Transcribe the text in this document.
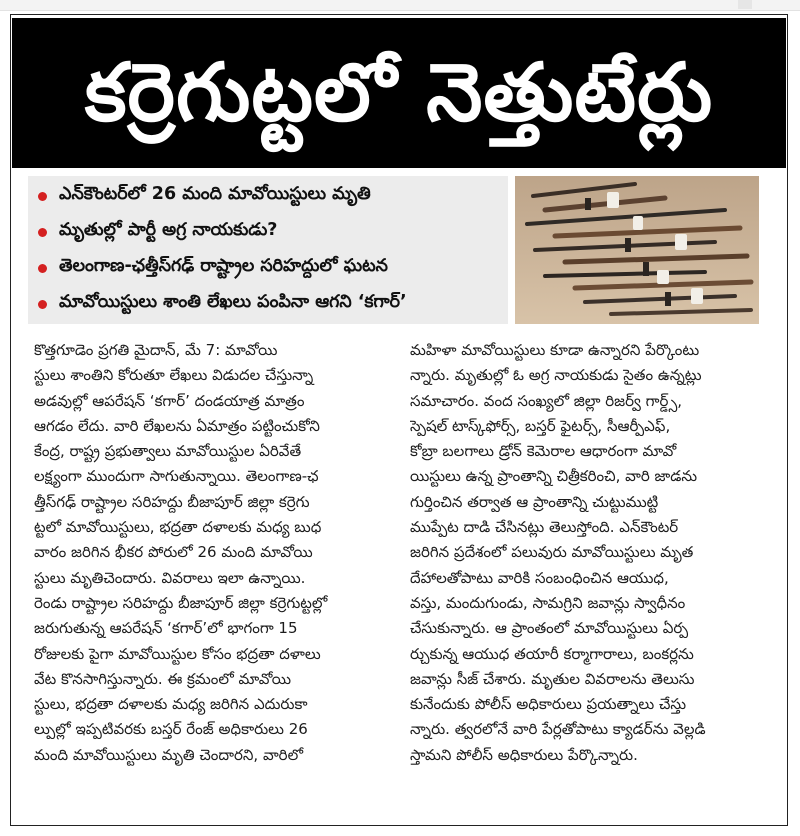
కర్రెగుట్టలో నెత్తుటేర్లు
ఎన్‌కౌంటర్‌లో 26 మంది మావోయిస్టులు మృతి
మృతుల్లో పార్టీ అగ్ర నాయకుడు?
తెలంగాణ-ఛత్తీస్‌గఢ్ రాష్ట్రాల సరిహద్దులో ఘటన
మావోయిస్టులు శాంతి లేఖలు పంపినా ఆగని ‘కగార్’
కొత్తగూడెం ప్రగతి మైదాన్, మే 7: మావోయి
స్టులు శాంతిని కోరుతూ లేఖలు విడుదల చేస్తున్నా
అడవుల్లో ఆపరేషన్ ‘కగార్’ దండయాత్ర మాత్రం
ఆగడం లేదు. వారి లేఖలను ఏమాత్రం పట్టించుకోని
కేంద్ర, రాష్ట్ర ప్రభుత్వాలు మావోయిస్టుల ఏరివేతే
లక్ష్యంగా ముందుగా సాగుతున్నాయి. తెలంగాణ-ఛ
త్తీస్‌గఢ్ రాష్ట్రాల సరిహద్దు బీజాపూర్ జిల్లా కర్రెగు
ట్టలో మావోయిస్టులు, భద్రతా దళాలకు మధ్య బుధ
వారం జరిగిన భీకర పోరులో 26 మంది మావోయి
స్టులు మృతిచెందారు. వివరాలు ఇలా ఉన్నాయి.
రెండు రాష్ట్రాల సరిహద్దు బీజాపూర్ జిల్లా కర్రెగుట్టల్లో
జరుగుతున్న ఆపరేషన్ ‘కగార్’లో భాగంగా 15
రోజులకు పైగా మావోయిస్టుల కోసం భద్రతా దళాలు
వేట కొనసాగిస్తున్నారు. ఈ క్రమంలో మావోయి
స్టులు, భద్రతా దళాలకు మధ్య జరిగిన ఎదురుకా
ల్పుల్లో ఇప్పటివరకు బస్తర్ రేంజ్ అధికారులు 26
మంది మావోయిస్టులు మృతి చెందారని, వారిలో
మహిళా మావోయిస్టులు కూడా ఉన్నారని పేర్కొంటు
న్నారు. మృతుల్లో ఓ అగ్ర నాయకుడు సైతం ఉన్నట్లు
సమాచారం. వంద సంఖ్యలో జిల్లా రిజర్వ్ గార్డ్స్,
స్పెషల్ టాస్క్‌ఫోర్స్, బస్తర్ ఫైటర్స్, సీఆర్పీఎఫ్,
కోబ్రా బలగాలు డ్రోన్ కెమెరాల ఆధారంగా మావో
యిస్టులు ఉన్న ప్రాంతాన్ని చిత్రీకరించి, వారి జాడను
గుర్తించిన తర్వాత ఆ ప్రాంతాన్ని చుట్టుముట్టి
ముప్పేట దాడి చేసినట్లు తెలుస్తోంది. ఎన్‌కౌంటర్
జరిగిన ప్రదేశంలో పలువురు మావోయిస్టులు మృత
దేహాలతోపాటు వారికి సంబంధించిన ఆయుధ,
వస్తు, మందుగుండు, సామగ్రిని జవాన్లు స్వాధీనం
చేసుకున్నారు. ఆ ప్రాంతంలో మావోయిస్టులు ఏర్ప
ర్చుకున్న ఆయుధ తయారీ కర్మాగారాలు, బంకర్లను
జవాన్లు సీజ్ చేశారు. మృతుల వివరాలను తెలుసు
కునేందుకు పోలీస్ అధికారులు ప్రయత్నాలు చేస్తు
న్నారు. త్వరలోనే వారి పేర్లతోపాటు క్యాడర్‌ను వెల్లడి
స్తామని పోలీస్ అధికారులు పేర్కొన్నారు.
